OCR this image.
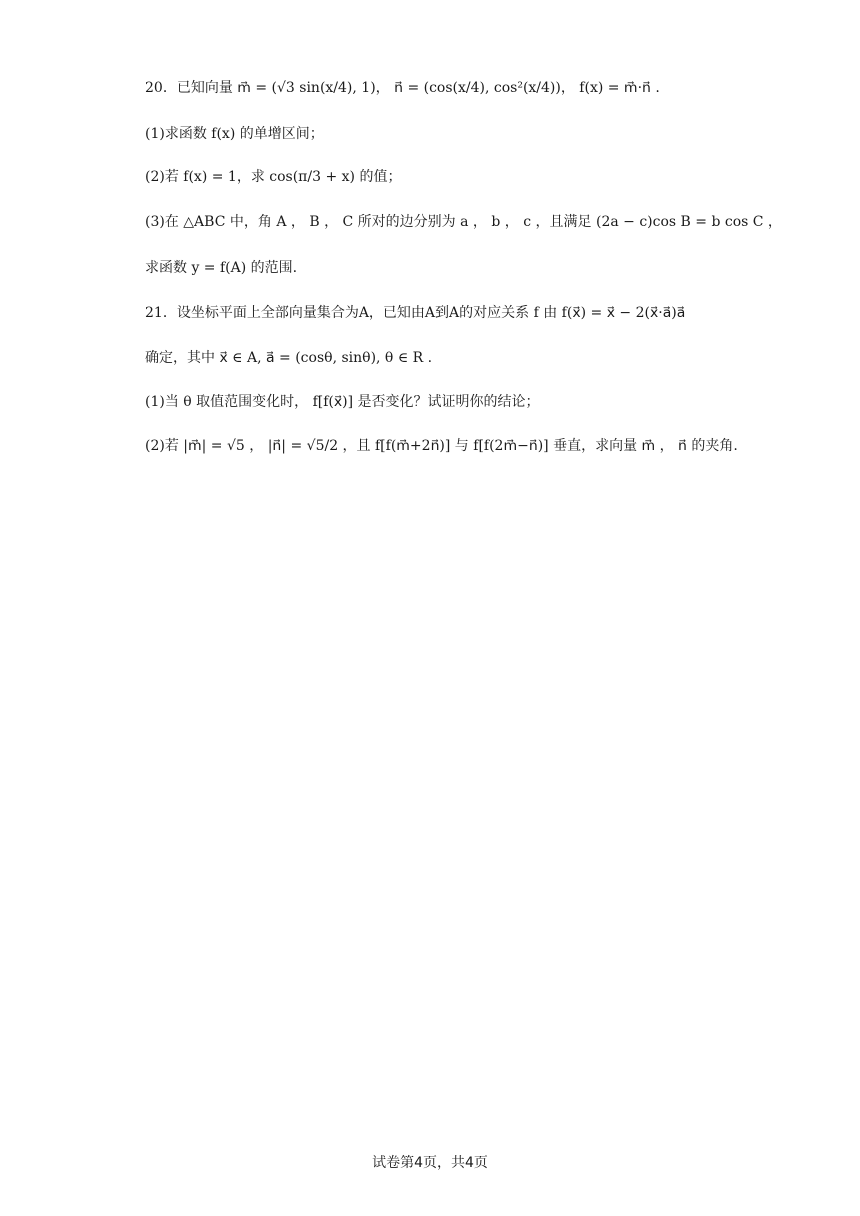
20．已知向量 m⃗ = (√3 sin(x/4), 1)， n⃗ = (cos(x/4), cos²(x/4))， f(x) = m⃗·n⃗ .
(1)求函数 f(x) 的单增区间；
(2)若 f(x) = 1，求 cos(π/3 + x) 的值；
(3)在 △ABC 中，角 A ， B ， C 所对的边分别为 a ， b ， c ，且满足 (2a − c)cos B = b cos C ，
求函数 y = f(A) 的范围.
21．设坐标平面上全部向量集合为A，已知由A到A的对应关系 f 由 f(x⃗) = x⃗ − 2(x⃗·a⃗)a⃗
确定，其中 x⃗ ∈ A, a⃗ = (cosθ, sinθ), θ ∈ R .
(1)当 θ 取值范围变化时， f[f(x⃗)] 是否变化？试证明你的结论；
(2)若 |m⃗| = √5 ， |n⃗| = √5/2 ，且 f[f(m⃗+2n⃗)] 与 f[f(2m⃗−n⃗)] 垂直，求向量 m⃗ ， n⃗ 的夹角.
试卷第4页，共4页
